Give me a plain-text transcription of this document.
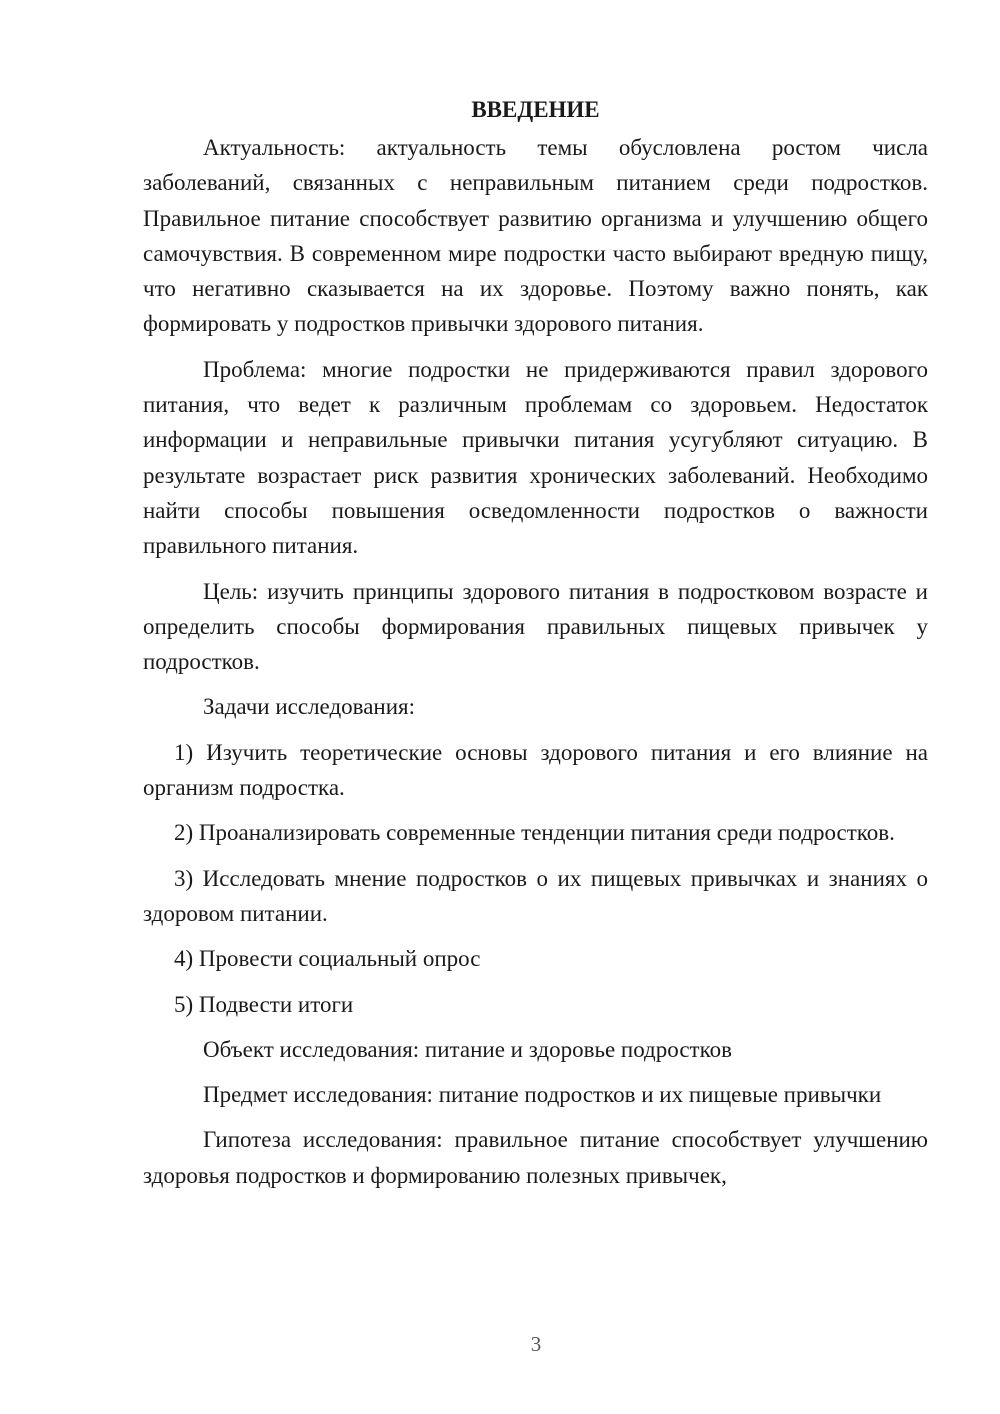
ВВЕДЕНИЕ

Актуальность: актуальность темы обусловлена ростом числа заболеваний, связанных с неправильным питанием среди подростков. Правильное питание способствует развитию организма и улучшению общего самочувствия. В современном мире подростки часто выбирают вредную пищу, что негативно сказывается на их здоровье. Поэтому важно понять, как формировать у подростков привычки здорового питания.

Проблема: многие подростки не придерживаются правил здорового питания, что ведет к различным проблемам со здоровьем. Недостаток информации и неправильные привычки питания усугубляют ситуацию. В результате возрастает риск развития хронических заболеваний. Необходимо найти способы повышения осведомленности подростков о важности правильного питания.

Цель: изучить принципы здорового питания в подростковом возрасте и определить способы формирования правильных пищевых привычек у подростков.

Задачи исследования:

1) Изучить теоретические основы здорового питания и его влияние на организм подростка.

2) Проанализировать современные тенденции питания среди подростков.

3) Исследовать мнение подростков о их пищевых привычках и знаниях о здоровом питании.

4) Провести социальный опрос

5) Подвести итоги

Объект исследования: питание и здоровье подростков

Предмет исследования: питание подростков и их пищевые привычки

Гипотеза исследования: правильное питание способствует улучшению здоровья подростков и формированию полезных привычек,

3
